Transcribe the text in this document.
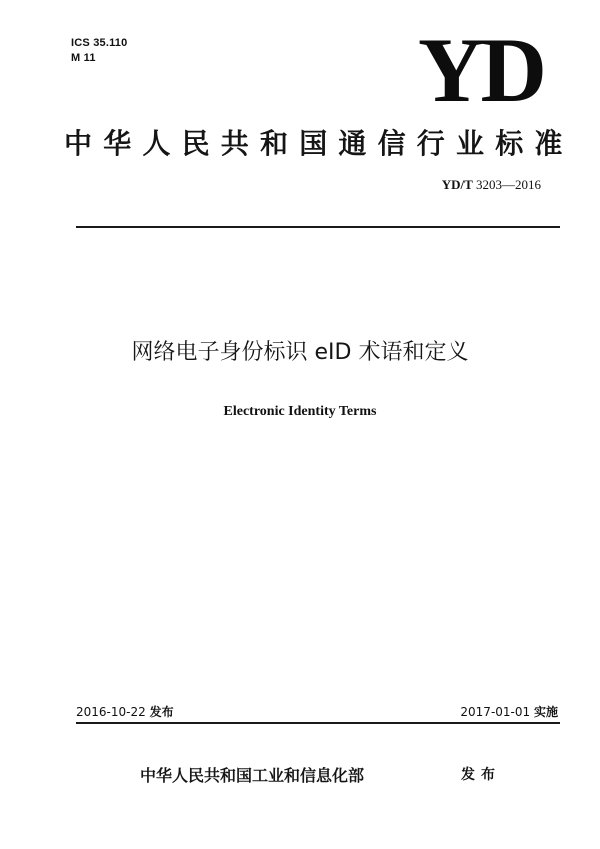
ICS 35.110
M 11	YD
中华人民共和国通信行业标准
YD/T 3203—2016
网络电子身份标识 eID 术语和定义
Electronic Identity Terms
2016-10-22 发布	2017-01-01 实施
中华人民共和国工业和信息化部	发布
